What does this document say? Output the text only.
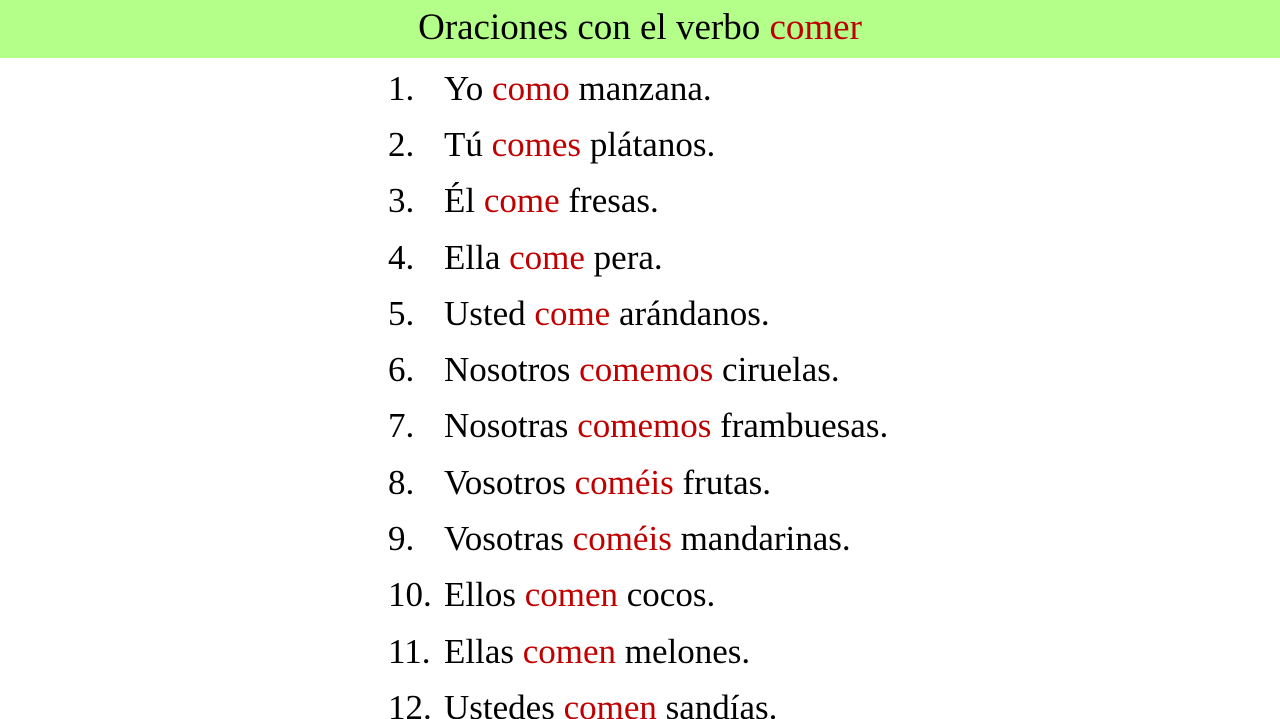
Oraciones con el verbo comer
1. Yo como manzana.
2. Tú comes plátanos.
3. Él come fresas.
4. Ella come pera.
5. Usted come arándanos.
6. Nosotros comemos ciruelas.
7. Nosotras comemos frambuesas.
8. Vosotros coméis frutas.
9. Vosotras coméis mandarinas.
10. Ellos comen cocos.
11. Ellas comen melones.
12. Ustedes comen sandías.
